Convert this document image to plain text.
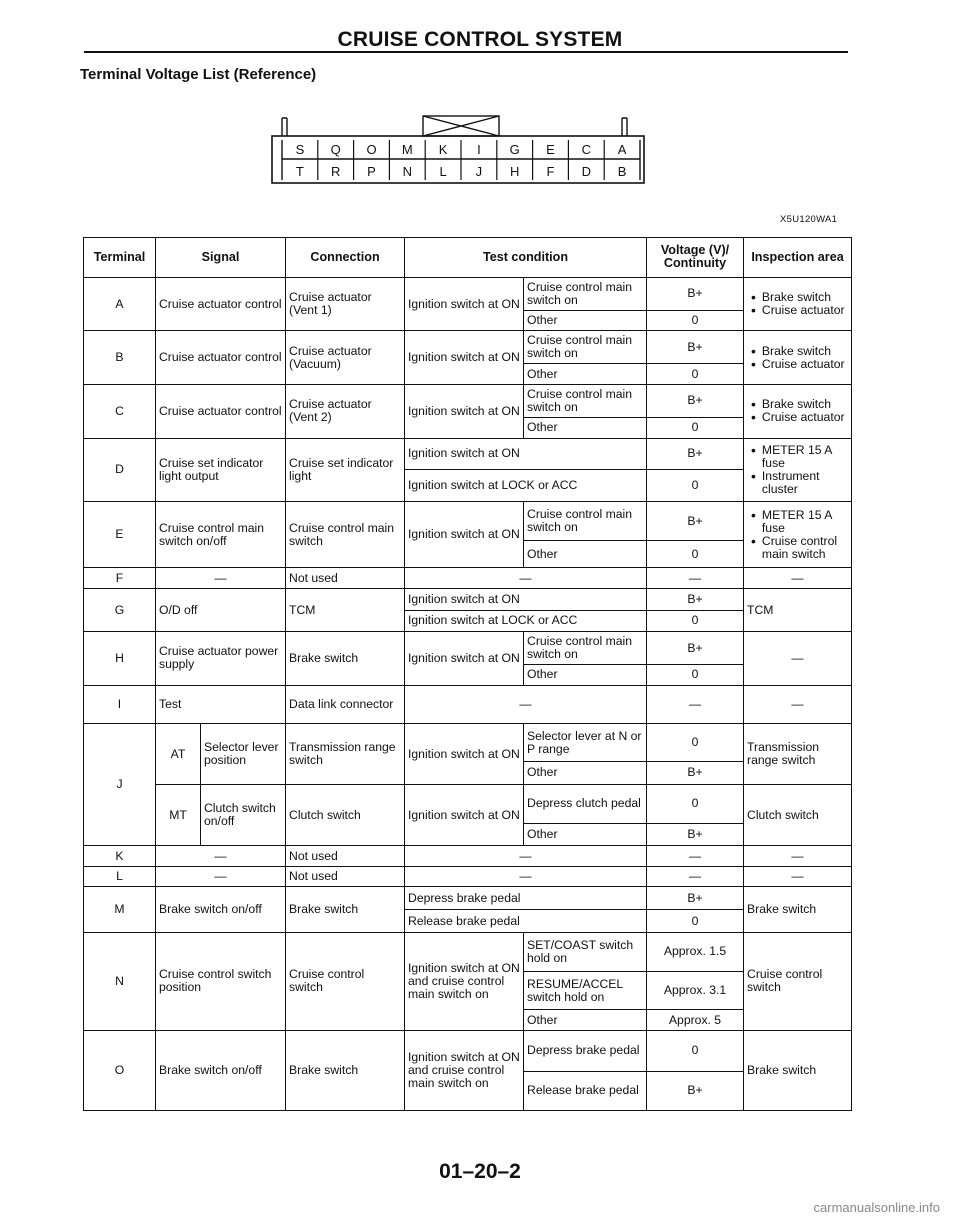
CRUISE CONTROL SYSTEM
Terminal Voltage List (Reference)
S Q O M K I G E C A
T R P N L J H F D B
X5U120WA1
Terminal	Signal		Connection	Test condition		Voltage (V)/ Continuity	Inspection area
A	Cruise actuator control		Cruise actuator (Vent 1)	Ignition switch at ON	Cruise control main switch on	B+	• Brake switch
• Cruise actuator

					Other	0	
B	Cruise actuator control		Cruise actuator (Vacuum)	Ignition switch at ON	Cruise control main switch on	B+	• Brake switch
• Cruise actuator

					Other	0	
C	Cruise actuator control		Cruise actuator (Vent 2)	Ignition switch at ON	Cruise control main switch on	B+	• Brake switch
• Cruise actuator

					Other	0	
D	Cruise set indicator light output		Cruise set indicator light	Ignition switch at ON		B+	• METER 15 A fuse
• Instrument cluster

				Ignition switch at LOCK or ACC		0	
E	Cruise control main switch on/off		Cruise control main switch	Ignition switch at ON	Cruise control main switch on	B+	• METER 15 A fuse
• Cruise control main switch

					Other	0	
F	—		Not used	—		—	—
G	O/D off		TCM	Ignition switch at ON		B+	TCM
				Ignition switch at LOCK or ACC		0	
H	Cruise actuator power supply		Brake switch	Ignition switch at ON	Cruise control main switch on	B+	—
					Other	0	
I	Test		Data link connector	—		—	—
J	AT	Selector lever position	Transmission range switch	Ignition switch at ON	Selector lever at N or P range	0	Transmission range switch
					Other	B+	
	MT	Clutch switch on/off	Clutch switch	Ignition switch at ON	Depress clutch pedal	0	Clutch switch
					Other	B+	
K	—		Not used	—		—	—
L	—		Not used	—		—	—
M	Brake switch on/off		Brake switch	Depress brake pedal		B+	Brake switch
				Release brake pedal		0	
N	Cruise control switch position		Cruise control switch	Ignition switch at ON and cruise control main switch on	SET/COAST switch hold on	Approx. 1.5	Cruise control switch
					RESUME/ACCEL switch hold on	Approx. 3.1	
					Other	Approx. 5	
O	Brake switch on/off		Brake switch	Ignition switch at ON and cruise control main switch on	Depress brake pedal	0	Brake switch
					Release brake pedal	B+	
01–20–2
carmanualsonline.info
